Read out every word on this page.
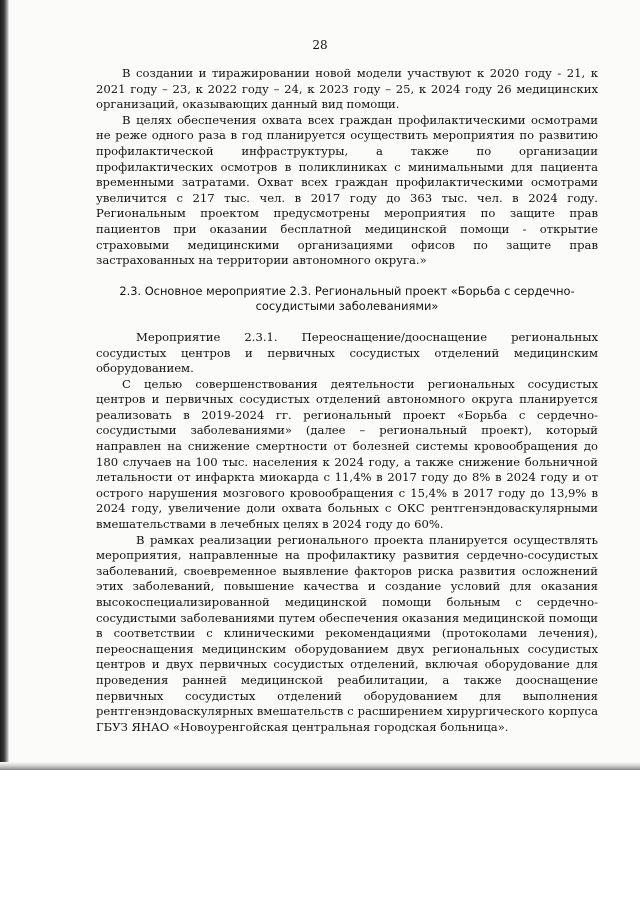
28

В создании и тиражировании новой модели участвуют к 2020 году - 21, к 2021 году – 23, к 2022 году – 24, к 2023 году – 25, к 2024 году 26 медицинских организаций, оказывающих данный вид помощи.

В целях обеспечения охвата всех граждан профилактическими осмотрами не реже одного раза в год планируется осуществить мероприятия по развитию профилактической инфраструктуры, а также по организации профилактических осмотров в поликлиниках с минимальными для пациента временными затратами. Охват всех граждан профилактическими осмотрами увеличится с 217 тыс. чел. в 2017 году до 363 тыс. чел. в 2024 году. Региональным проектом предусмотрены мероприятия по защите прав пациентов при оказании бесплатной медицинской помощи - открытие страховыми медицинскими организациями офисов по защите прав застрахованных на территории автономного округа.»

2.3. Основное мероприятие 2.3. Региональный проект «Борьба с сердечно-сосудистыми заболеваниями»

Мероприятие 2.3.1. Переоснащение/дооснащение региональных сосудистых центров и первичных сосудистых отделений медицинским оборудованием.

С целью совершенствования деятельности региональных сосудистых центров и первичных сосудистых отделений автономного округа планируется реализовать в 2019-2024 гг. региональный проект «Борьба с сердечно-сосудистыми заболеваниями» (далее – региональный проект), который направлен на снижение смертности от болезней системы кровообращения до 180 случаев на 100 тыс. населения к 2024 году, а также снижение больничной летальности от инфаркта миокарда с 11,4% в 2017 году до 8% в 2024 году и от острого нарушения мозгового кровообращения с 15,4% в 2017 году до 13,9% в 2024 году, увеличение доли охвата больных с ОКС рентгенэндоваскулярными вмешательствами в лечебных целях в 2024 году до 60%.

В рамках реализации регионального проекта планируется осуществлять мероприятия, направленные на профилактику развития сердечно-сосудистых заболеваний, своевременное выявление факторов риска развития осложнений этих заболеваний, повышение качества и создание условий для оказания высокоспециализированной медицинской помощи больным с сердечно-сосудистыми заболеваниями путем обеспечения оказания медицинской помощи в соответствии с клиническими рекомендациями (протоколами лечения), переоснащения медицинским оборудованием двух региональных сосудистых центров и двух первичных сосудистых отделений, включая оборудование для проведения ранней медицинской реабилитации, а также дооснащение первичных сосудистых отделений оборудованием для выполнения рентгенэндоваскулярных вмешательств с расширением хирургического корпуса ГБУЗ ЯНАО «Новоуренгойская центральная городская больница».
